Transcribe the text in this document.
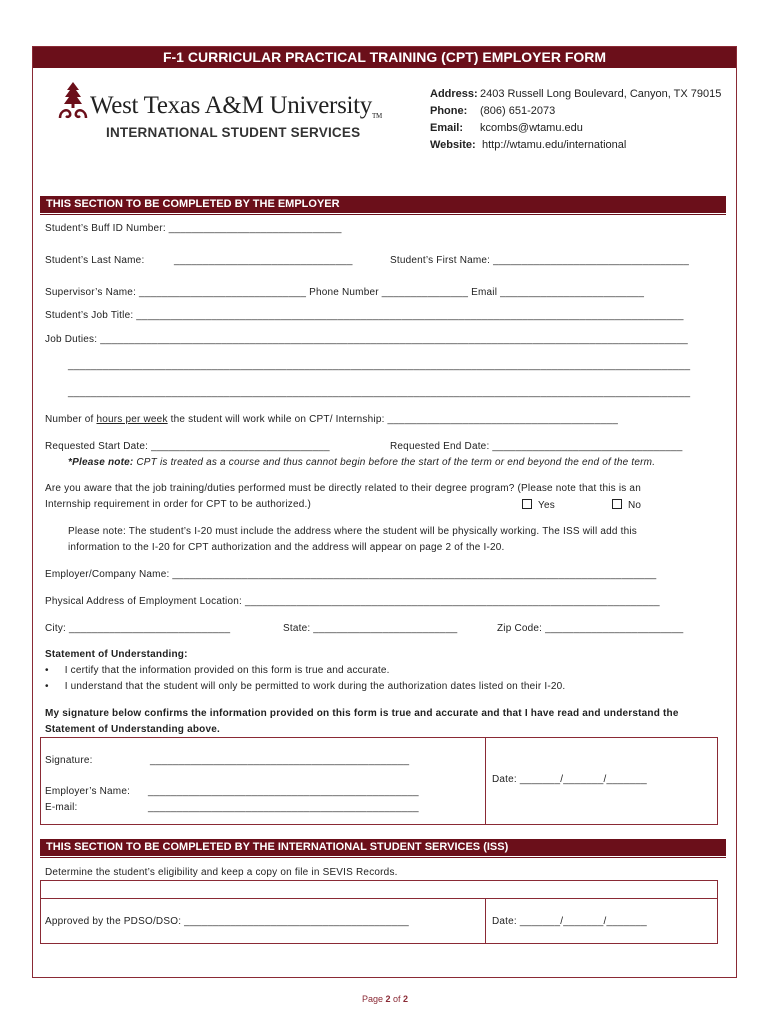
F-1 CURRICULAR PRACTICAL TRAINING (CPT) EMPLOYER FORM
West Texas A&M UniversityTM
INTERNATIONAL STUDENT SERVICES
Address: 2403 Russell Long Boulevard, Canyon, TX 79015
Phone: (806) 651-2073
Email: kcombs@wtamu.edu
Website: http://wtamu.edu/international
THIS SECTION TO BE COMPLETED BY THE EMPLOYER
Student’s Buff ID Number: ______________________________
Student’s Last Name:	_______________________________	Student’s First Name: __________________________________
Supervisor’s Name: _____________________________ Phone Number _______________ Email _________________________
Student’s Job Title: _______________________________________________________________________________________________
Job Duties: ______________________________________________________________________________________________________
____________________________________________________________________________________________________________
____________________________________________________________________________________________________________
Number of hours per week the student will work while on CPT/ Internship: ________________________________________
Requested Start Date: _______________________________	Requested End Date: _________________________________
*Please note: CPT is treated as a course and thus cannot begin before the start of the term or end beyond the end of the term.
Are you aware that the job training/duties performed must be directly related to their degree program? (Please note that this is an
Internship requirement in order for CPT to be authorized.)	Yes	No
Please note: The student’s I-20 must include the address where the student will be physically working. The ISS will add this
information to the I-20 for CPT authorization and the address will appear on page 2 of the I-20.
Employer/Company Name: ____________________________________________________________________________________
Physical Address of Employment Location: ________________________________________________________________________
City: ____________________________	State: _________________________	Zip Code: ________________________
Statement of Understanding:
• I certify that the information provided on this form is true and accurate.
• I understand that the student will only be permitted to work during the authorization dates listed on their I-20.
My signature below confirms the information provided on this form is true and accurate and that I have read and understand the
Statement of Understanding above.
Signature:	_____________________________________________
Employer’s Name: _______________________________________________
E-mail:	_______________________________________________
Date: _______/_______/_______
THIS SECTION TO BE COMPLETED BY THE INTERNATIONAL STUDENT SERVICES (ISS)
Determine the student’s eligibility and keep a copy on file in SEVIS Records.
Approved by the PDSO/DSO: _______________________________________	Date: _______/_______/_______
Page 2 of 2
